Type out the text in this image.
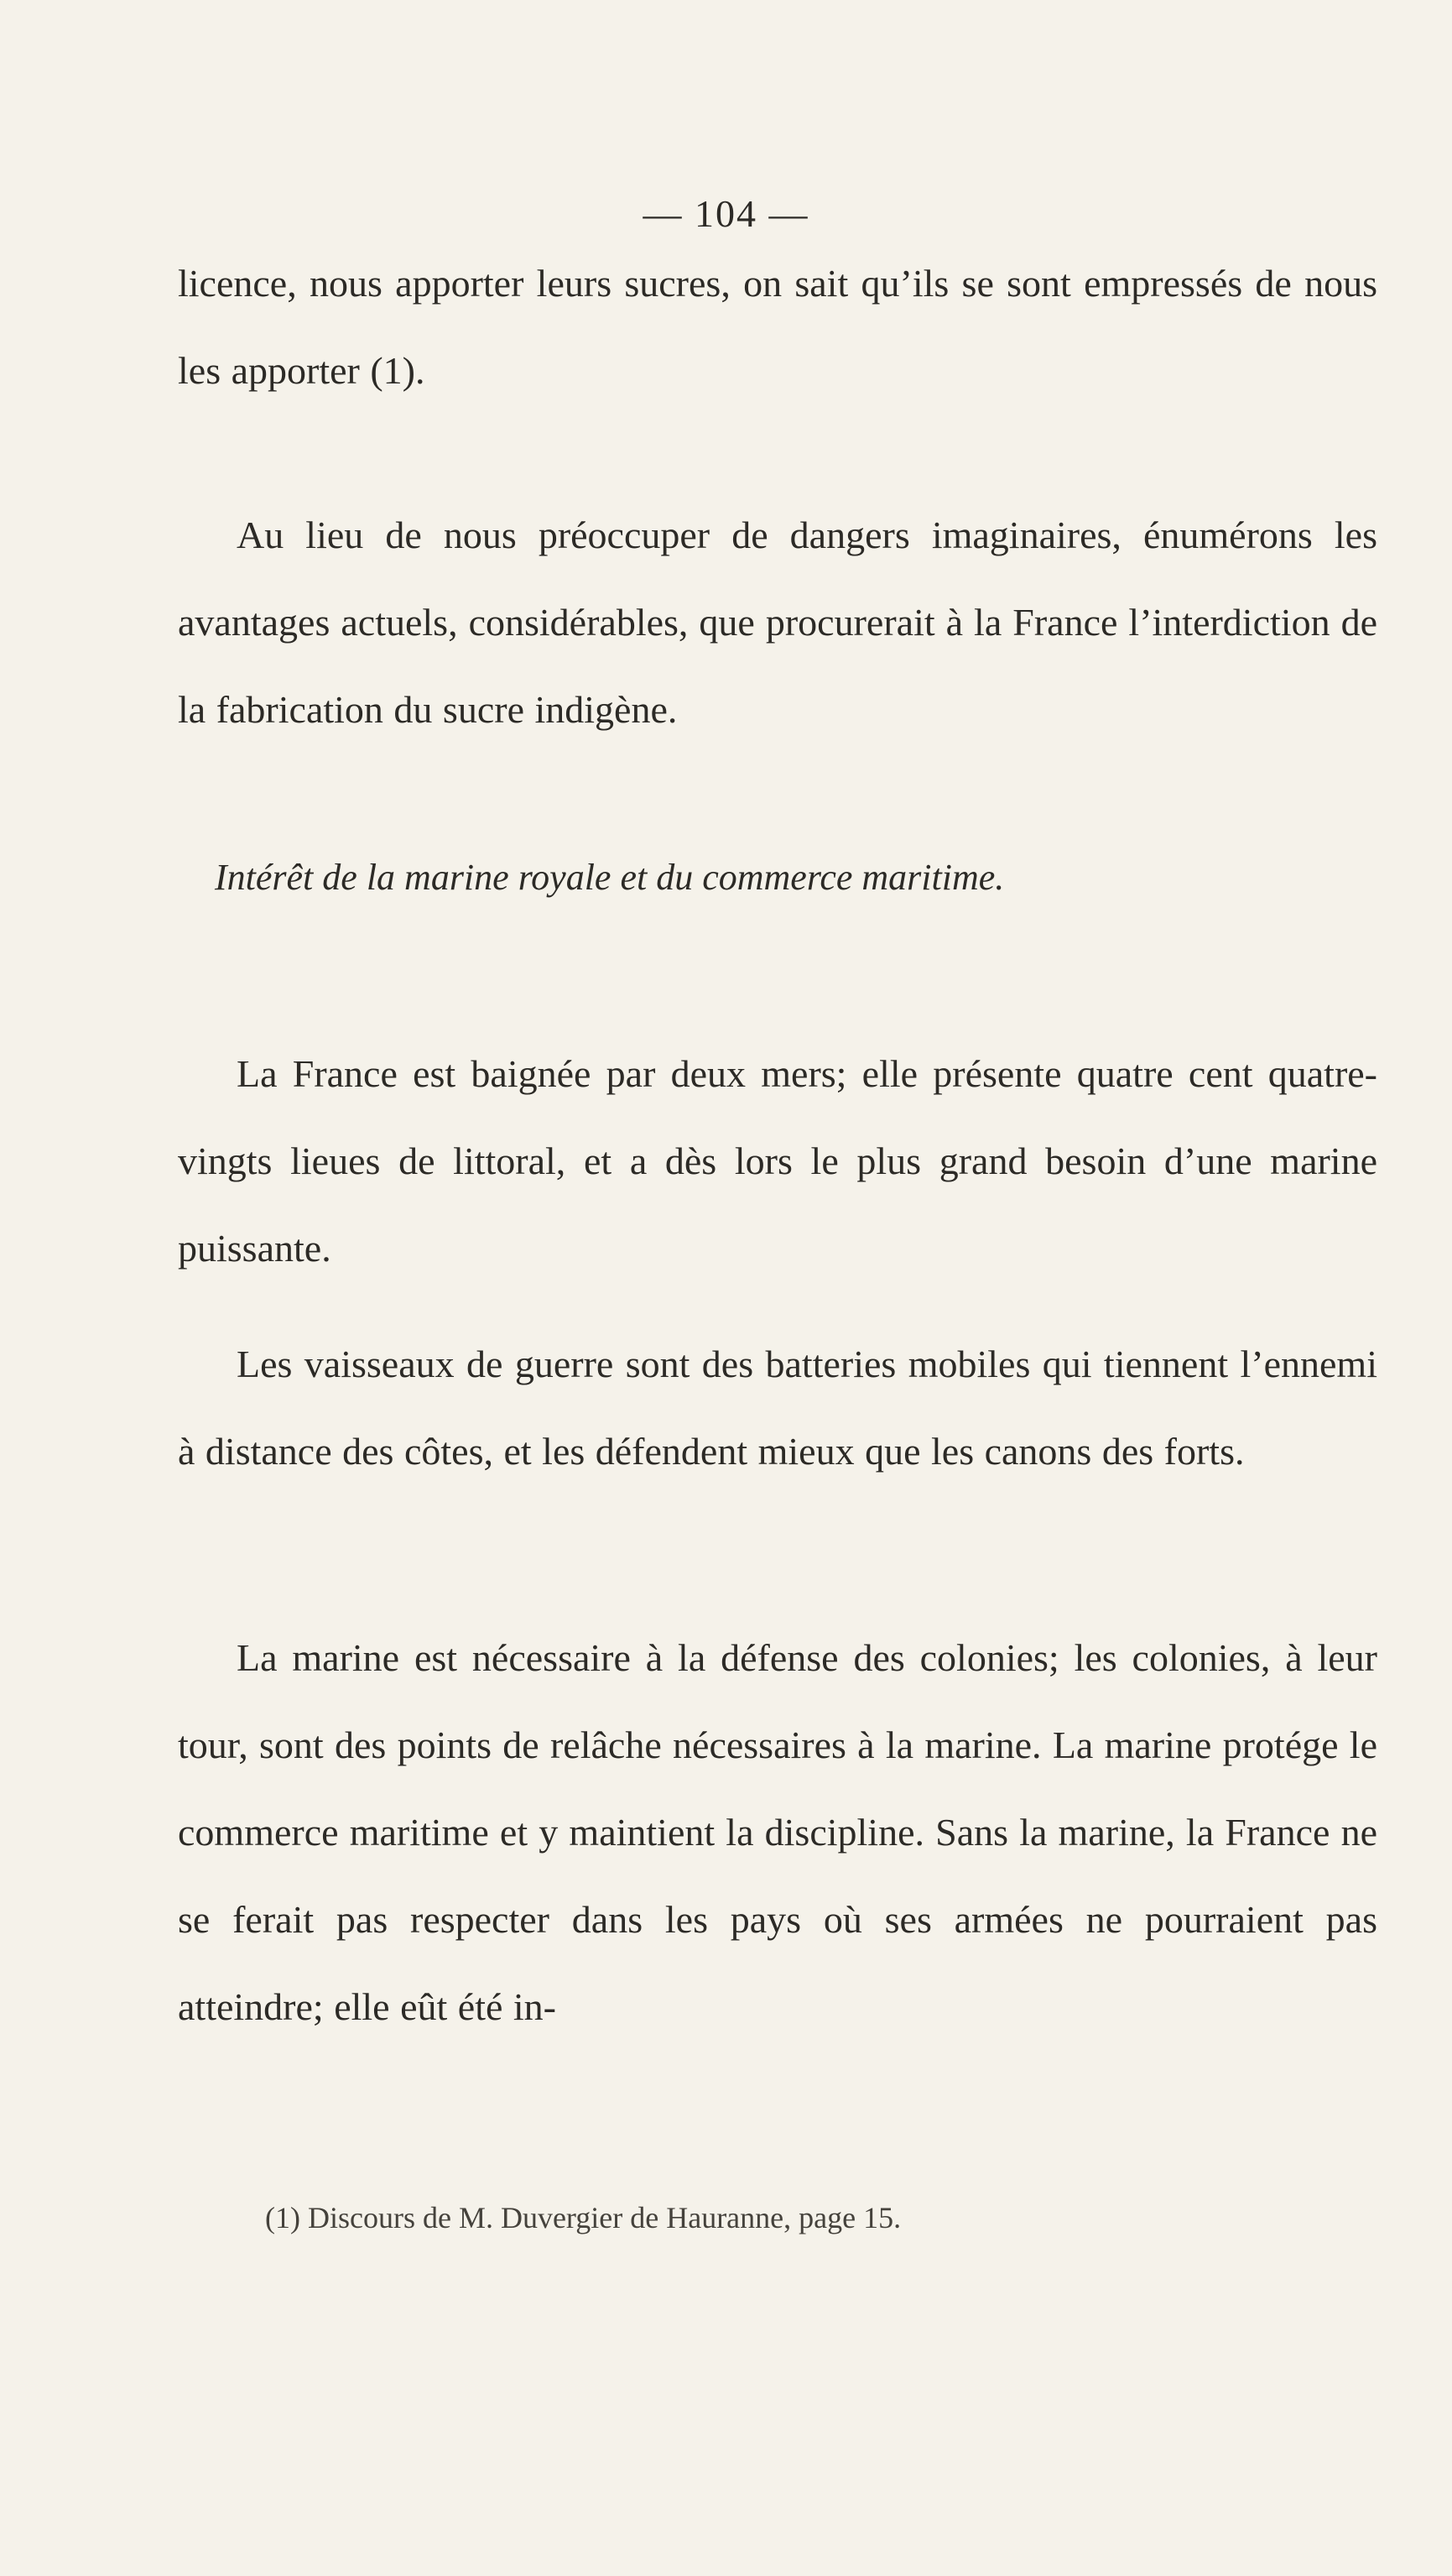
— 104 —

licence, nous apporter leurs sucres, on sait qu’ils se sont empressés de nous les apporter (1).

Au lieu de nous préoccuper de dangers imaginaires, énumérons les avantages actuels, considérables, que procurerait à la France l’interdiction de la fabrication du sucre indigène.

Intérêt de la marine royale et du commerce maritime.

La France est baignée par deux mers; elle présente quatre cent quatre-vingts lieues de littoral, et a dès lors le plus grand besoin d’une marine puissante.

Les vaisseaux de guerre sont des batteries mobiles qui tiennent l’ennemi à distance des côtes, et les défendent mieux que les canons des forts.

La marine est nécessaire à la défense des colonies; les colonies, à leur tour, sont des points de relâche nécessaires à la marine. La marine protége le commerce maritime et y maintient la discipline. Sans la marine, la France ne se ferait pas respecter dans les pays où ses armées ne pourraient pas atteindre; elle eût été in-

(1) Discours de M. Duvergier de Hauranne, page 15.
